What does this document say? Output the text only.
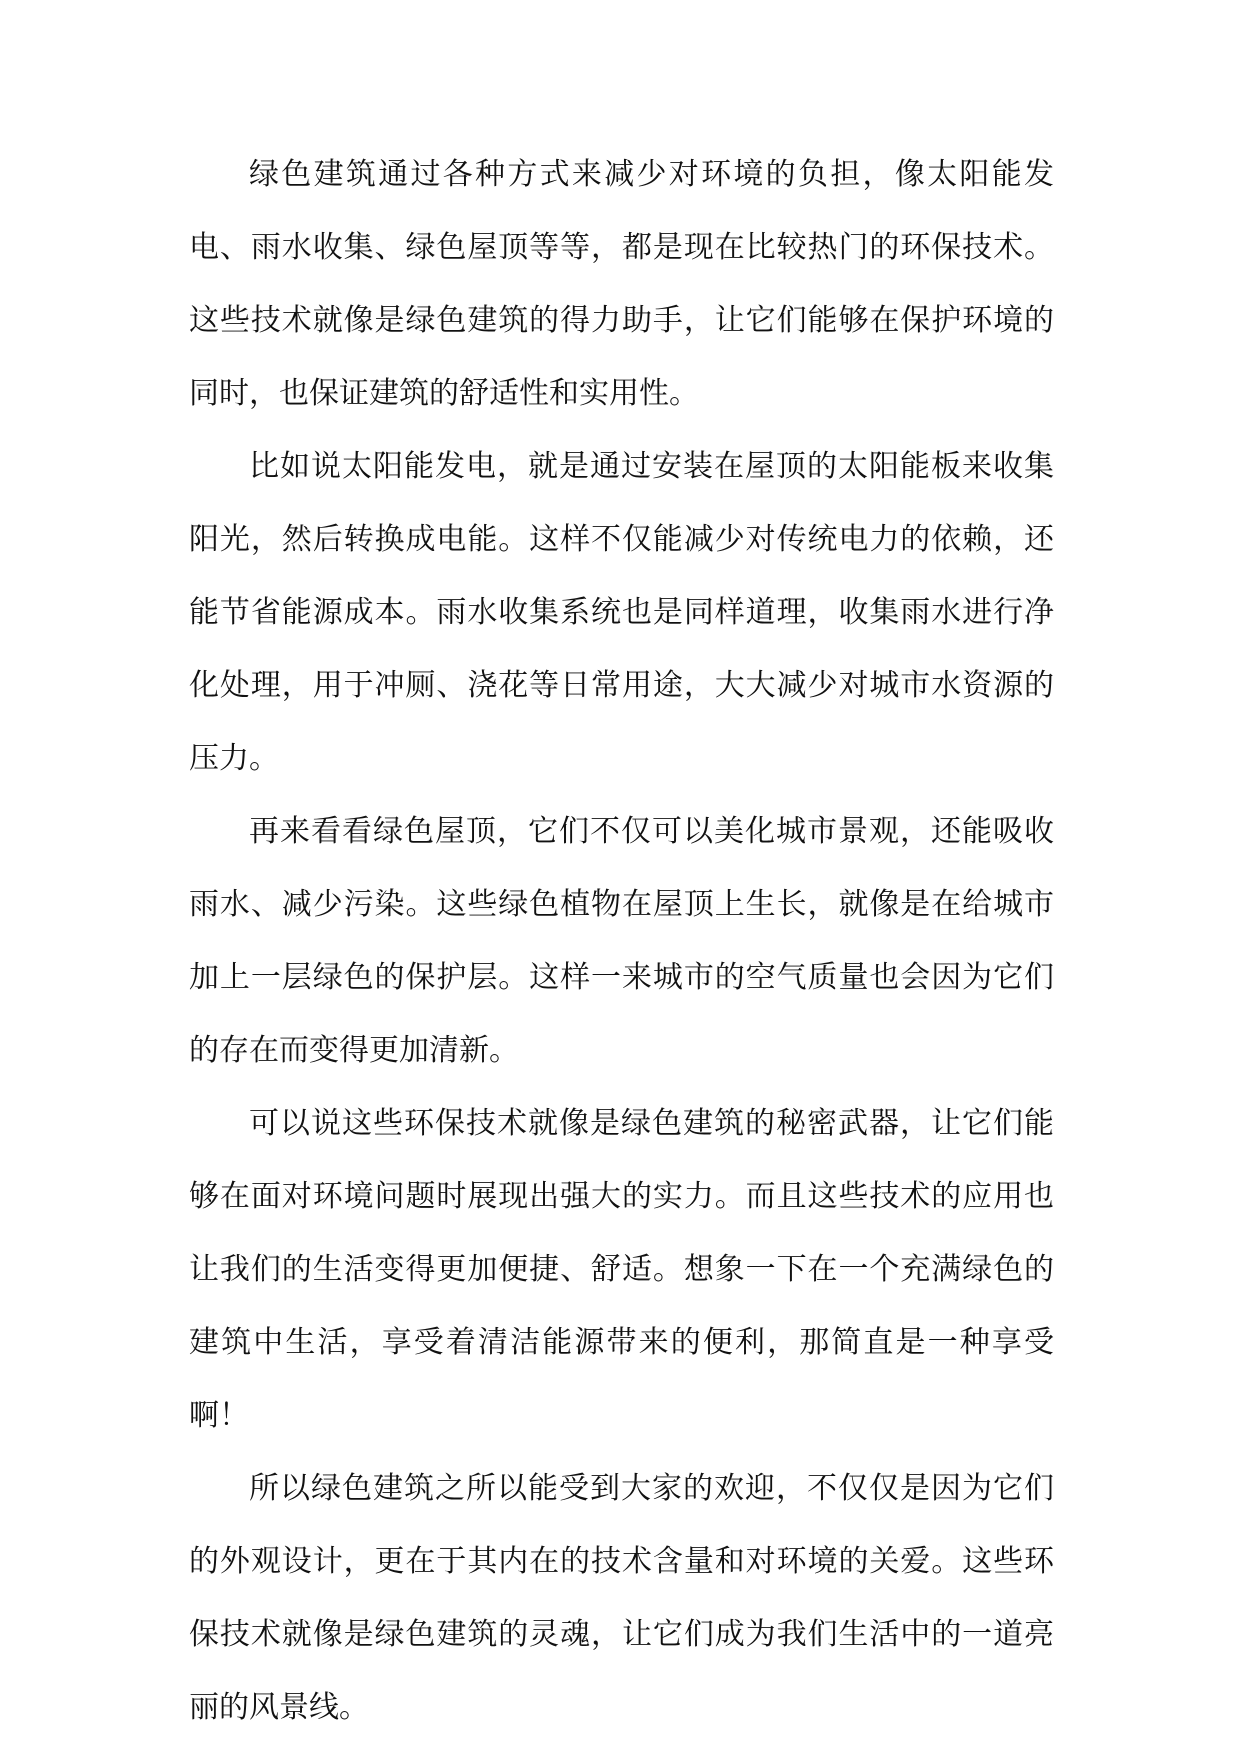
绿色建筑通过各种方式来减少对环境的负担，像太阳能发电、雨水收集、绿色屋顶等等，都是现在比较热门的环保技术。这些技术就像是绿色建筑的得力助手，让它们能够在保护环境的同时，也保证建筑的舒适性和实用性。

比如说太阳能发电，就是通过安装在屋顶的太阳能板来收集阳光，然后转换成电能。这样不仅能减少对传统电力的依赖，还能节省能源成本。雨水收集系统也是同样道理，收集雨水进行净化处理，用于冲厕、浇花等日常用途，大大减少对城市水资源的压力。

再来看看绿色屋顶，它们不仅可以美化城市景观，还能吸收雨水、减少污染。这些绿色植物在屋顶上生长，就像是在给城市加上一层绿色的保护层。这样一来城市的空气质量也会因为它们的存在而变得更加清新。

可以说这些环保技术就像是绿色建筑的秘密武器，让它们能够在面对环境问题时展现出强大的实力。而且这些技术的应用也让我们的生活变得更加便捷、舒适。想象一下在一个充满绿色的建筑中生活，享受着清洁能源带来的便利，那简直是一种享受啊！

所以绿色建筑之所以能受到大家的欢迎，不仅仅是因为它们的外观设计，更在于其内在的技术含量和对环境的关爱。这些环保技术就像是绿色建筑的灵魂，让它们成为我们生活中的一道亮丽的风景线。
